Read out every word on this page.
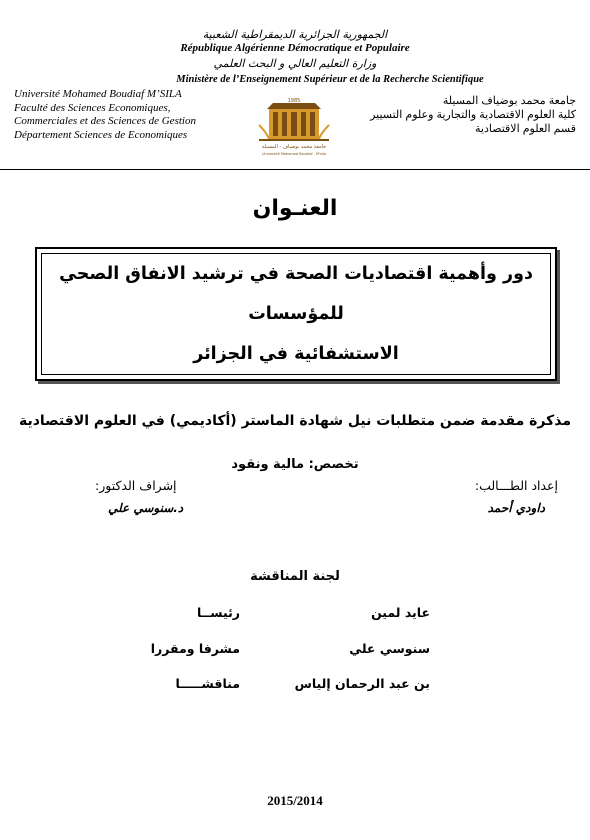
الجمهورية الجزائرية الديمقراطية الشعبية
République Algérienne Démocratique et Populaire
وزارة التعليم العالي و البحث العلمي
Ministère de l’Enseignement Supérieur et de la Recherche Scientifique
Université Mohamed Boudiaf M’SILA
Faculté des Sciences Economiques,
Commerciales et des Sciences de Gestion
Département Sciences de Economiques
جامعة محمد بوضياف المسيلة
كلية العلوم الاقتصادية والتجارية وعلوم التسيير
قسم العلوم الاقتصادية
1985
جامعة محمد بوضياف - المسيلة
Université Mohamed Boudiaf - M'sila
العنـوان
دور وأهمية اقتصاديات الصحة في ترشيد الانفاق الصحي للمؤسسات
الاستشفائية في الجزائر
مذكرة مقدمة ضمن متطلبات نيل شهادة الماستر (أكاديمي) في العلوم الاقتصادية
تخصص: مالية ونقود
إعداد الطـــالب:
داودي أحمد
إشراف الدكتور:
د.سنوسي علي
لجنة المناقشة
عايد لمين
رئيســا
سنوسي علي
مشرفا ومقررا
بن عبد الرحمان إلياس
مناقشـــــا
2015/2014
